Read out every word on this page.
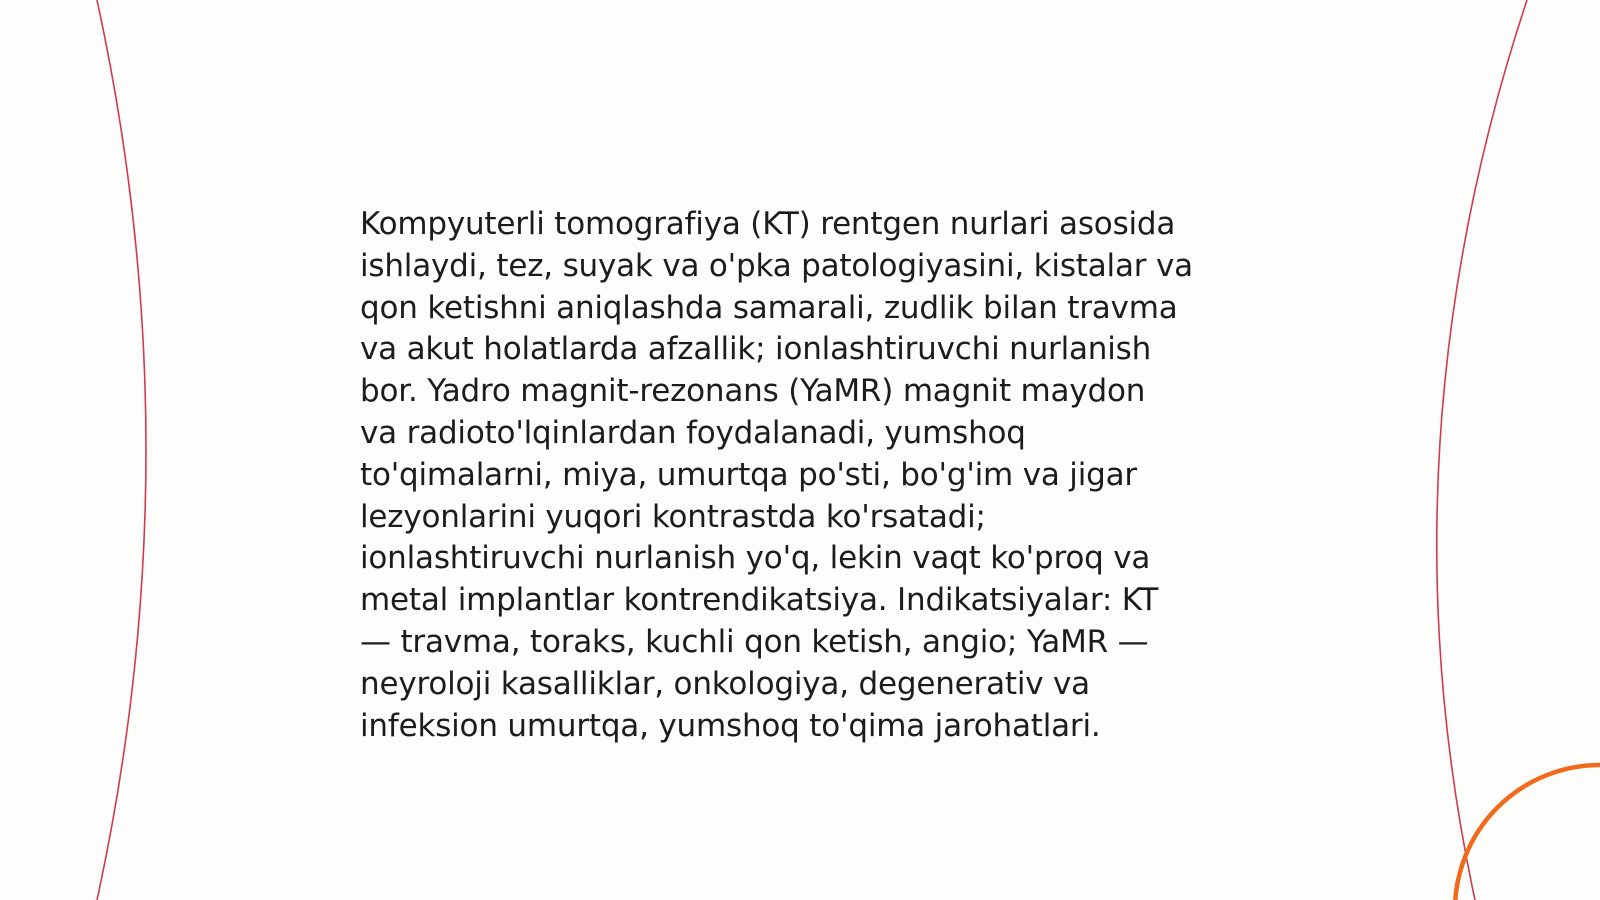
Kompyuterli tomografiya (KT) rentgen nurlari asosida
ishlaydi, tez, suyak va o'pka patologiyasini, kistalar va
qon ketishni aniqlashda samarali, zudlik bilan travma
va akut holatlarda afzallik; ionlashtiruvchi nurlanish
bor. Yadro magnit-rezonans (YaMR) magnit maydon
va radioto'lqinlardan foydalanadi, yumshoq
to'qimalarni, miya, umurtqa po'sti, bo'g'im va jigar
lezyonlarini yuqori kontrastda ko'rsatadi;
ionlashtiruvchi nurlanish yo'q, lekin vaqt ko'proq va
metal implantlar kontrendikatsiya. Indikatsiyalar: KT
— travma, toraks, kuchli qon ketish, angio; YaMR —
neyroloji kasalliklar, onkologiya, degenerativ va
infeksion umurtqa, yumshoq to'qima jarohatlari.
